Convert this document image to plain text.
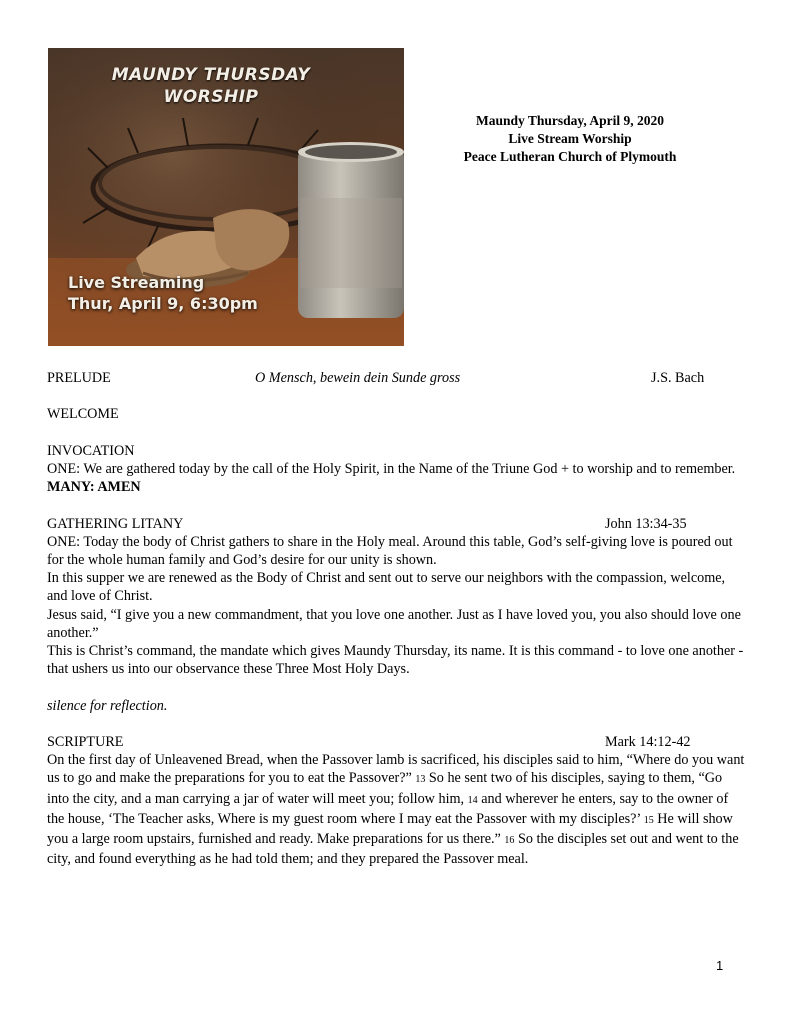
MAUNDY THURSDAY
WORSHIP
Live Streaming
Thur, April 9, 6:30pm
Maundy Thursday, April 9, 2020
Live Stream Worship
Peace Lutheran Church of Plymouth
PRELUDE	O Mensch, bewein dein Sunde gross	J.S. Bach

WELCOME

INVOCATION

ONE: We are gathered today by the call of the Holy Spirit, in the Name of the Triune God + to worship and to remember.

MANY: AMEN

GATHERING LITANY	John 13:34-35

ONE: Today the body of Christ gathers to share in the Holy meal. Around this table, God’s self-giving love is poured out for the whole human family and God’s desire for our unity is shown.

In this supper we are renewed as the Body of Christ and sent out to serve our neighbors with the compassion, welcome, and love of Christ.

Jesus said, “I give you a new commandment, that you love one another. Just as I have loved you, you also should love one another.”

This is Christ’s command, the mandate which gives Maundy Thursday, its name. It is this command - to love one another - that ushers us into our observance these Three Most Holy Days.

silence for reflection.

SCRIPTURE	Mark 14:12-42

On the first day of Unleavened Bread, when the Passover lamb is sacrificed, his disciples said to him, “Where do you want us to go and make the preparations for you to eat the Passover?” 13 So he sent two of his disciples, saying to them, “Go into the city, and a man carrying a jar of water will meet you; follow him, 14 and wherever he enters, say to the owner of the house, ‘The Teacher asks, Where is my guest room where I may eat the Passover with my disciples?’ 15 He will show you a large room upstairs, furnished and ready. Make preparations for us there.” 16 So the disciples set out and went to the city, and found everything as he had told them; and they prepared the Passover meal.

1
